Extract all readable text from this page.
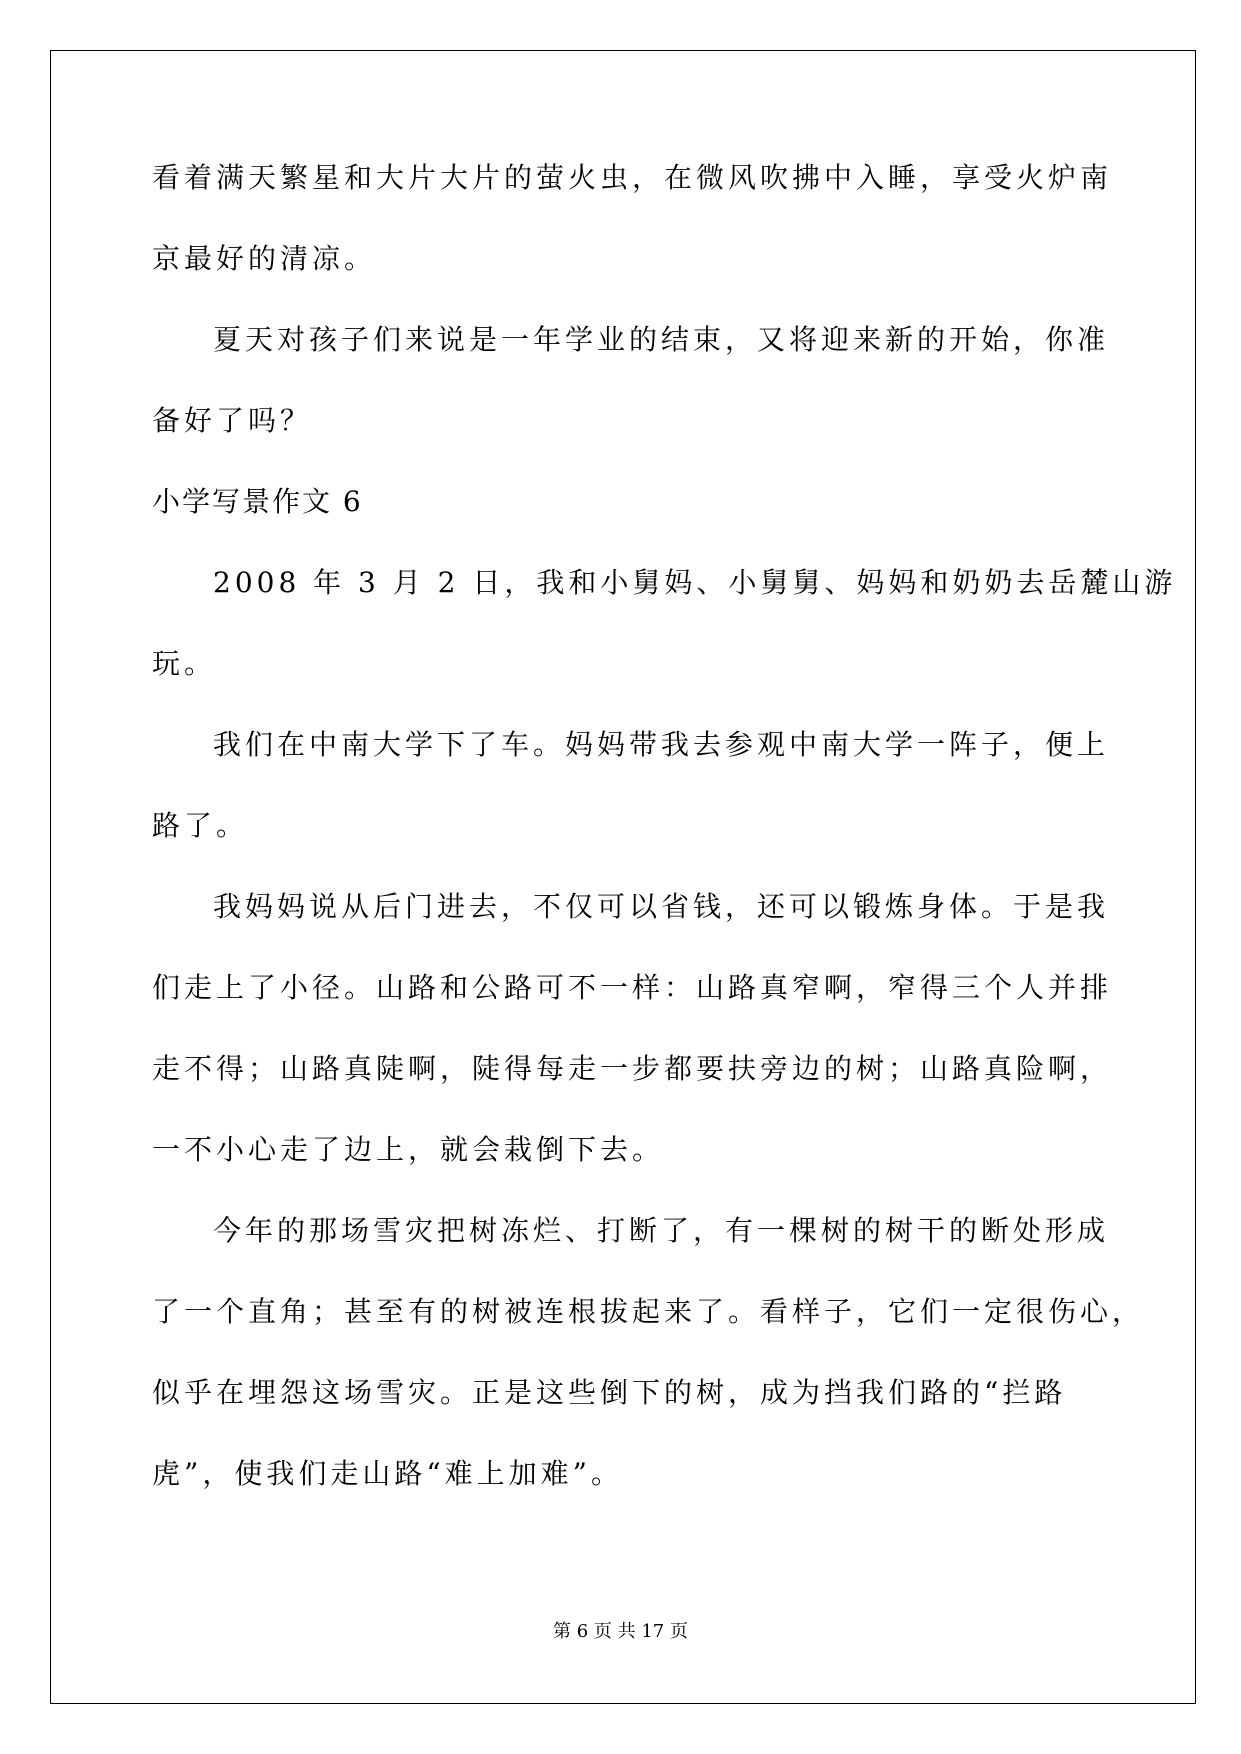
看着满天繁星和大片大片的萤火虫，在微风吹拂中入睡，享受火炉南
京最好的清凉。
夏天对孩子们来说是一年学业的结束，又将迎来新的开始，你准
备好了吗？
小学写景作文 6
2008 年 3 月 2 日，我和小舅妈、小舅舅、妈妈和奶奶去岳麓山游
玩。
我们在中南大学下了车。妈妈带我去参观中南大学一阵子，便上
路了。
我妈妈说从后门进去，不仅可以省钱，还可以锻炼身体。于是我
们走上了小径。山路和公路可不一样：山路真窄啊，窄得三个人并排
走不得；山路真陡啊，陡得每走一步都要扶旁边的树；山路真险啊，
一不小心走了边上，就会栽倒下去。
今年的那场雪灾把树冻烂、打断了，有一棵树的树干的断处形成
了一个直角；甚至有的树被连根拔起来了。看样子，它们一定很伤心，
似乎在埋怨这场雪灾。正是这些倒下的树，成为挡我们路的“拦路
虎”，使我们走山路“难上加难”。
第 6 页 共 17 页
